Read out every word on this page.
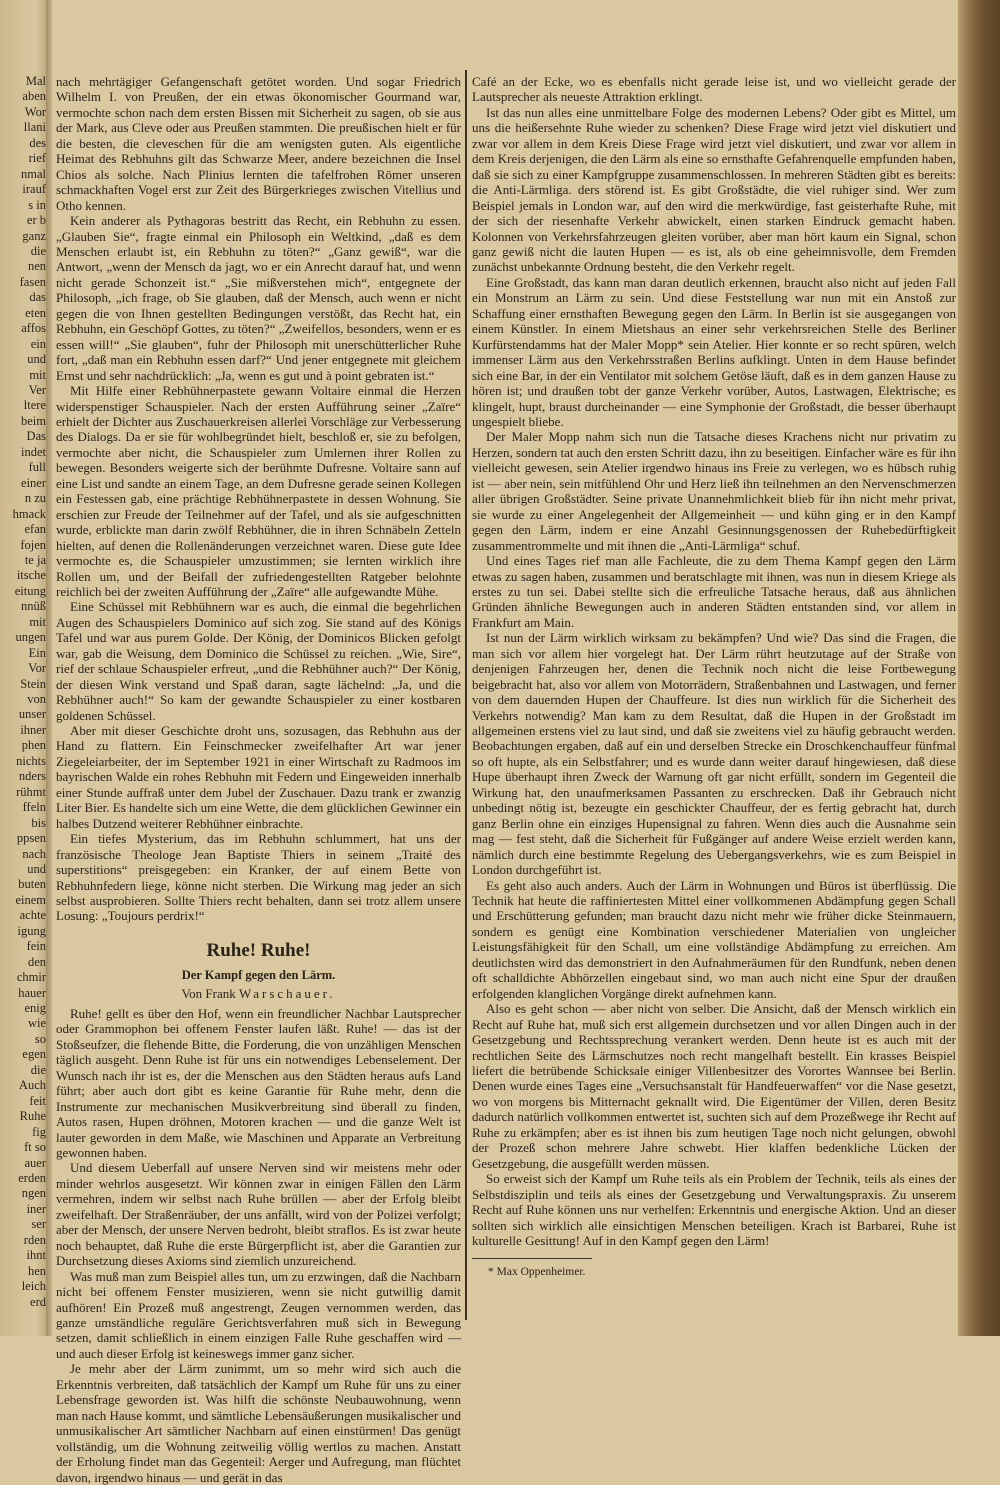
Mal
aben
Wor
llani
des
rief
nmal
irauf
s in
er b
ganz
die
nen
fasen
das
eten
affos
ein
und
mit
Ver
ltere
beim
Das
indet
full
einer
n zu
hmack
efan
fojen
te ja
itsche
eitung
nnüß
mit
ungen
Ein
Vor
Stein
von
unser
ihner
phen
nichts
nders
rühmt
ffeln
bis
ppsen
nach
und
buten
einem
achte
igung
fein
den
chmir
hauer
enig
wie
so
egen
die
Auch
feit
Ruhe
fig
ft so
auer
erden
ngen
iner
ser
rden
ihnt
hen
leich
erd

nach mehrtägiger Gefangenschaft getötet worden. Und sogar Friedrich Wilhelm I. von Preußen, der ein etwas ökonomischer Gourmand war, vermochte schon nach dem ersten Bissen mit Sicherheit zu sagen, ob sie aus der Mark, aus Cleve oder aus Preußen stammten. Die preußischen hielt er für die besten, die cleveschen für die am wenigsten guten. Als eigentliche Heimat des Rebhuhns gilt das Schwarze Meer, andere bezeichnen die Insel Chios als solche. Nach Plinius lernten die tafelfrohen Römer unseren schmackhaften Vogel erst zur Zeit des Bürgerkrieges zwischen Vitellius und Otho kennen.

Kein anderer als Pythagoras bestritt das Recht, ein Rebhuhn zu essen. „Glauben Sie“, fragte einmal ein Philosoph ein Weltkind, „daß es dem Menschen erlaubt ist, ein Rebhuhn zu töten?“ „Ganz gewiß“, war die Antwort, „wenn der Mensch da jagt, wo er ein Anrecht darauf hat, und wenn nicht gerade Schonzeit ist.“ „Sie mißverstehen mich“, entgegnete der Philosoph, „ich frage, ob Sie glauben, daß der Mensch, auch wenn er nicht gegen die von Ihnen gestellten Bedingungen verstößt, das Recht hat, ein Rebhuhn, ein Geschöpf Gottes, zu töten?“ „Zweifellos, besonders, wenn er es essen will!“ „Sie glauben“, fuhr der Philosoph mit unerschütterlicher Ruhe fort, „daß man ein Rebhuhn essen darf?“ Und jener entgegnete mit gleichem Ernst und sehr nachdrücklich: „Ja, wenn es gut und à point gebraten ist.“

Mit Hilfe einer Rebhühnerpastete gewann Voltaire einmal die Herzen widerspenstiger Schauspieler. Nach der ersten Aufführung seiner „Zaïre“ erhielt der Dichter aus Zuschauerkreisen allerlei Vorschläge zur Verbesserung des Dialogs. Da er sie für wohlbegründet hielt, beschloß er, sie zu befolgen, vermochte aber nicht, die Schauspieler zum Umlernen ihrer Rollen zu bewegen. Besonders weigerte sich der berühmte Dufresne. Voltaire sann auf eine List und sandte an einem Tage, an dem Dufresne gerade seinen Kollegen ein Festessen gab, eine prächtige Rebhühnerpastete in dessen Wohnung. Sie erschien zur Freude der Teilnehmer auf der Tafel, und als sie aufgeschnitten wurde, erblickte man darin zwölf Rebhühner, die in ihren Schnäbeln Zetteln hielten, auf denen die Rollenänderungen verzeichnet waren. Diese gute Idee vermochte es, die Schauspieler umzustimmen; sie lernten wirklich ihre Rollen um, und der Beifall der zufriedengestellten Ratgeber belohnte reichlich bei der zweiten Aufführung der „Zaïre“ alle aufgewandte Mühe.

Eine Schüssel mit Rebhühnern war es auch, die einmal die begehrlichen Augen des Schauspielers Dominico auf sich zog. Sie stand auf des Königs Tafel und war aus purem Golde. Der König, der Dominicos Blicken gefolgt war, gab die Weisung, dem Dominico die Schüssel zu reichen. „Wie, Sire“, rief der schlaue Schauspieler erfreut, „und die Rebhühner auch?“ Der König, der diesen Wink verstand und Spaß daran, sagte lächelnd: „Ja, und die Rebhühner auch!“ So kam der gewandte Schauspieler zu einer kostbaren goldenen Schüssel.

Aber mit dieser Geschichte droht uns, sozusagen, das Rebhuhn aus der Hand zu flattern. Ein Feinschmecker zweifelhafter Art war jener Ziegeleiarbeiter, der im September 1921 in einer Wirtschaft zu Radmoos im bayrischen Walde ein rohes Rebhuhn mit Federn und Eingeweiden innerhalb einer Stunde auffraß unter dem Jubel der Zuschauer. Dazu trank er zwanzig Liter Bier. Es handelte sich um eine Wette, die dem glücklichen Gewinner ein halbes Dutzend weiterer Rebhühner einbrachte.

Ein tiefes Mysterium, das im Rebhuhn schlummert, hat uns der französische Theologe Jean Baptiste Thiers in seinem „Traité des superstitions“ preisgegeben: ein Kranker, der auf einem Bette von Rebhuhnfedern liege, könne nicht sterben. Die Wirkung mag jeder an sich selbst ausprobieren. Sollte Thiers recht behalten, dann sei trotz allem unsere Losung: „Toujours perdrix!“

Ruhe! Ruhe!
Der Kampf gegen den Lärm.
Von Frank Warschauer.

Ruhe! gellt es über den Hof, wenn ein freundlicher Nachbar Lautsprecher oder Grammophon bei offenem Fenster laufen läßt. Ruhe! — das ist der Stoßseufzer, die flehende Bitte, die Forderung, die von unzähligen Menschen täglich ausgeht. Denn Ruhe ist für uns ein notwendiges Lebenselement. Der Wunsch nach ihr ist es, der die Menschen aus den Städten heraus aufs Land führt; aber auch dort gibt es keine Garantie für Ruhe mehr, denn die Instrumente zur mechanischen Musikverbreitung sind überall zu finden, Autos rasen, Hupen dröhnen, Motoren krachen — und die ganze Welt ist lauter geworden in dem Maße, wie Maschinen und Apparate an Verbreitung gewonnen haben.

Und diesem Ueberfall auf unsere Nerven sind wir meistens mehr oder minder wehrlos ausgesetzt. Wir können zwar in einigen Fällen den Lärm vermehren, indem wir selbst nach Ruhe brüllen — aber der Erfolg bleibt zweifelhaft. Der Straßenräuber, der uns anfällt, wird von der Polizei verfolgt; aber der Mensch, der unsere Nerven bedroht, bleibt straflos. Es ist zwar heute noch behauptet, daß Ruhe die erste Bürgerpflicht ist, aber die Garantien zur Durchsetzung dieses Axioms sind ziemlich unzureichend.

Was muß man zum Beispiel alles tun, um zu erzwingen, daß die Nachbarn nicht bei offenem Fenster musizieren, wenn sie nicht gutwillig damit aufhören! Ein Prozeß muß angestrengt, Zeugen vernommen werden, das ganze umständliche reguläre Gerichtsverfahren muß sich in Bewegung setzen, damit schließlich in einem einzigen Falle Ruhe geschaffen wird — und auch dieser Erfolg ist keineswegs immer ganz sicher.

Je mehr aber der Lärm zunimmt, um so mehr wird sich auch die Erkenntnis verbreiten, daß tatsächlich der Kampf um Ruhe für uns zu einer Lebensfrage geworden ist. Was hilft die schönste Neubauwohnung, wenn man nach Hause kommt, und sämtliche Lebensäußerungen musikalischer und unmusikalischer Art sämtlicher Nachbarn auf einen einstürmen! Das genügt vollständig, um die Wohnung zeitweilig völlig wertlos zu machen. Anstatt der Erholung findet man das Gegenteil: Aerger und Aufregung, man flüchtet davon, irgendwo hinaus — und gerät in das

Café an der Ecke, wo es ebenfalls nicht gerade leise ist, und wo vielleicht gerade der Lautsprecher als neueste Attraktion erklingt.

Ist das nun alles eine unmittelbare Folge des modernen Lebens? Oder gibt es Mittel, um uns die heißersehnte Ruhe wieder zu schenken? Diese Frage wird jetzt viel diskutiert und zwar vor allem in dem Kreis Diese Frage wird jetzt viel diskutiert, und zwar vor allem in dem Kreis derjenigen, die den Lärm als eine so ernsthafte Gefahrenquelle empfunden haben, daß sie sich zu einer Kampfgruppe zusammenschlossen. In mehreren Städten gibt es bereits: die Anti-Lärmliga. ders störend ist. Es gibt Großstädte, die viel ruhiger sind. Wer zum Beispiel jemals in London war, auf den wird die merkwürdige, fast geisterhafte Ruhe, mit der sich der riesenhafte Verkehr abwickelt, einen starken Eindruck gemacht haben. Kolonnen von Verkehrsfahrzeugen gleiten vorüber, aber man hört kaum ein Signal, schon ganz gewiß nicht die lauten Hupen — es ist, als ob eine geheimnisvolle, dem Fremden zunächst unbekannte Ordnung besteht, die den Verkehr regelt.

Eine Großstadt, das kann man daran deutlich erkennen, braucht also nicht auf jeden Fall ein Monstrum an Lärm zu sein. Und diese Feststellung war nun mit ein Anstoß zur Schaffung einer ernsthaften Bewegung gegen den Lärm. In Berlin ist sie ausgegangen von einem Künstler. In einem Mietshaus an einer sehr verkehrsreichen Stelle des Berliner Kurfürstendamms hat der Maler Mopp* sein Atelier. Hier konnte er so recht spüren, welch immenser Lärm aus den Verkehrsstraßen Berlins aufklingt. Unten in dem Hause befindet sich eine Bar, in der ein Ventilator mit solchem Getöse läuft, daß es in dem ganzen Hause zu hören ist; und draußen tobt der ganze Verkehr vorüber, Autos, Lastwagen, Elektrische; es klingelt, hupt, braust durcheinander — eine Symphonie der Großstadt, die besser überhaupt ungespielt bliebe.

Der Maler Mopp nahm sich nun die Tatsache dieses Krachens nicht nur privatim zu Herzen, sondern tat auch den ersten Schritt dazu, ihn zu beseitigen. Einfacher wäre es für ihn vielleicht gewesen, sein Atelier irgendwo hinaus ins Freie zu verlegen, wo es hübsch ruhig ist — aber nein, sein mitfühlend Ohr und Herz ließ ihn teilnehmen an den Nervenschmerzen aller übrigen Großstädter. Seine private Unannehmlichkeit blieb für ihn nicht mehr privat, sie wurde zu einer Angelegenheit der Allgemeinheit — und kühn ging er in den Kampf gegen den Lärm, indem er eine Anzahl Gesinnungsgenossen der Ruhebedürftigkeit zusammentrommelte und mit ihnen die „Anti-Lärmliga“ schuf.

Und eines Tages rief man alle Fachleute, die zu dem Thema Kampf gegen den Lärm etwas zu sagen haben, zusammen und beratschlagte mit ihnen, was nun in diesem Kriege als erstes zu tun sei. Dabei stellte sich die erfreuliche Tatsache heraus, daß aus ähnlichen Gründen ähnliche Bewegungen auch in anderen Städten entstanden sind, vor allem in Frankfurt am Main.

Ist nun der Lärm wirklich wirksam zu bekämpfen? Und wie? Das sind die Fragen, die man sich vor allem hier vorgelegt hat. Der Lärm rührt heutzutage auf der Straße von denjenigen Fahrzeugen her, denen die Technik noch nicht die leise Fortbewegung beigebracht hat, also vor allem von Motorrädern, Straßenbahnen und Lastwagen, und ferner von dem dauernden Hupen der Chauffeure. Ist dies nun wirklich für die Sicherheit des Verkehrs notwendig? Man kam zu dem Resultat, daß die Hupen in der Großstadt im allgemeinen erstens viel zu laut sind, und daß sie zweitens viel zu häufig gebraucht werden. Beobachtungen ergaben, daß auf ein und derselben Strecke ein Droschkenchauffeur fünfmal so oft hupte, als ein Selbstfahrer; und es wurde dann weiter darauf hingewiesen, daß diese Hupe überhaupt ihren Zweck der Warnung oft gar nicht erfüllt, sondern im Gegenteil die Wirkung hat, den unaufmerksamen Passanten zu erschrecken. Daß ihr Gebrauch nicht unbedingt nötig ist, bezeugte ein geschickter Chauffeur, der es fertig gebracht hat, durch ganz Berlin ohne ein einziges Hupensignal zu fahren. Wenn dies auch die Ausnahme sein mag — fest steht, daß die Sicherheit für Fußgänger auf andere Weise erzielt werden kann, nämlich durch eine bestimmte Regelung des Uebergangsverkehrs, wie es zum Beispiel in London durchgeführt ist.

Es geht also auch anders. Auch der Lärm in Wohnungen und Büros ist überflüssig. Die Technik hat heute die raffiniertesten Mittel einer vollkommenen Abdämpfung gegen Schall und Erschütterung gefunden; man braucht dazu nicht mehr wie früher dicke Steinmauern, sondern es genügt eine Kombination verschiedener Materialien von ungleicher Leistungsfähigkeit für den Schall, um eine vollständige Abdämpfung zu erreichen. Am deutlichsten wird das demonstriert in den Aufnahmeräumen für den Rundfunk, neben denen oft schalldichte Abhörzellen eingebaut sind, wo man auch nicht eine Spur der draußen erfolgenden klanglichen Vorgänge direkt aufnehmen kann.

Also es geht schon — aber nicht von selber. Die Ansicht, daß der Mensch wirklich ein Recht auf Ruhe hat, muß sich erst allgemein durchsetzen und vor allen Dingen auch in der Gesetzgebung und Rechtssprechung verankert werden. Denn heute ist es auch mit der rechtlichen Seite des Lärmschutzes noch recht mangelhaft bestellt. Ein krasses Beispiel liefert die betrübende Schicksale einiger Villenbesitzer des Vorortes Wannsee bei Berlin. Denen wurde eines Tages eine „Versuchsanstalt für Handfeuerwaffen“ vor die Nase gesetzt, wo von morgens bis Mitternacht geknallt wird. Die Eigentümer der Villen, deren Besitz dadurch natürlich vollkommen entwertet ist, suchten sich auf dem Prozeßwege ihr Recht auf Ruhe zu erkämpfen; aber es ist ihnen bis zum heutigen Tage noch nicht gelungen, obwohl der Prozeß schon mehrere Jahre schwebt. Hier klaffen bedenkliche Lücken der Gesetzgebung, die ausgefüllt werden müssen.

So erweist sich der Kampf um Ruhe teils als ein Problem der Technik, teils als eines der Selbstdisziplin und teils als eines der Gesetzgebung und Verwaltungspraxis. Zu unserem Recht auf Ruhe können uns nur verhelfen: Erkenntnis und energische Aktion. Und an dieser sollten sich wirklich alle einsichtigen Menschen beteiligen. Krach ist Barbarei, Ruhe ist kulturelle Gesittung! Auf in den Kampf gegen den Lärm!

* Max Oppenheimer.
